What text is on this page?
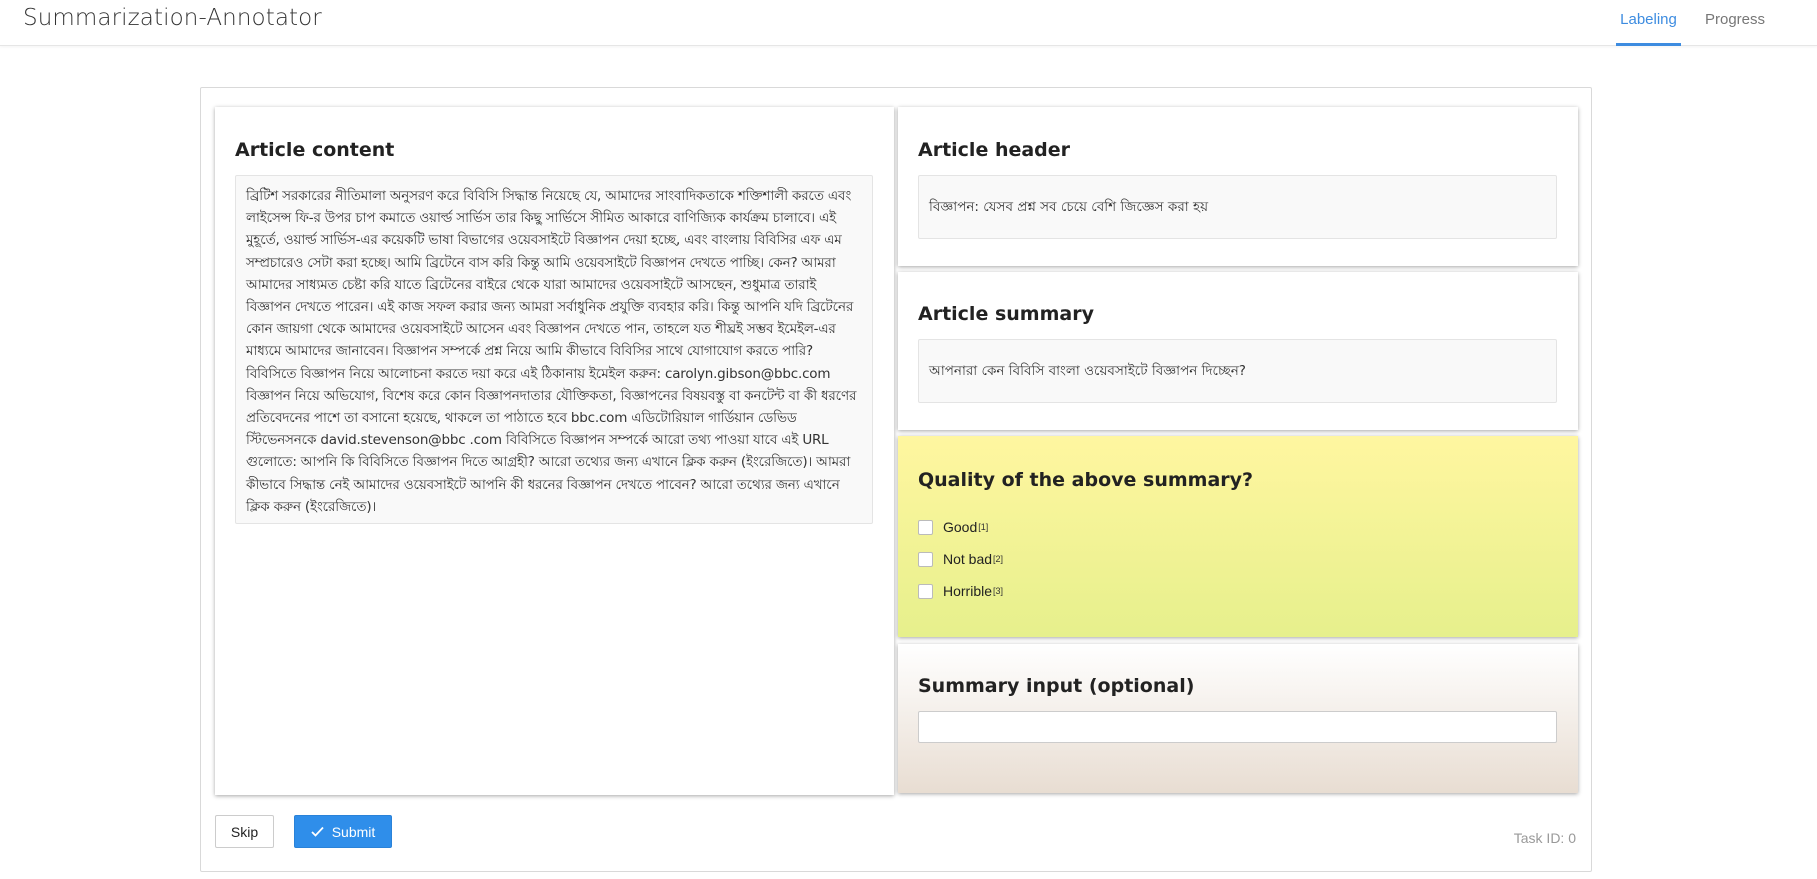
Summarization-Annotator	Labeling	Progress
Article content
ব্রিটিশ সরকারের নীতিমালা অনুসরণ করে বিবিসি সিদ্ধান্ত নিয়েছে যে, আমাদের সাংবাদিকতাকে শক্তিশালী করতে এবং লাইসেন্স ফি-র উপর চাপ কমাতে ওয়ার্ল্ড সার্ভিস তার কিছু সার্ভিসে সীমিত আকারে বাণিজ্যিক কার্যক্রম চালাবে। এই মুহূর্তে, ওয়ার্ল্ড সার্ভিস-এর কয়েকটি ভাষা বিভাগের ওয়েবসাইটে বিজ্ঞাপন দেয়া হচ্ছে, এবং বাংলায় বিবিসির এফ এম সম্প্রচারেও সেটা করা হচ্ছে। আমি ব্রিটেনে বাস করি কিন্তু আমি ওয়েবসাইটে বিজ্ঞাপন দেখতে পাচ্ছি। কেন? আমরা আমাদের সাধ্যমত চেষ্টা করি যাতে ব্রিটেনের বাইরে থেকে যারা আমাদের ওয়েবসাইটে আসছেন, শুধুমাত্র তারাই বিজ্ঞাপন দেখতে পারেন। এই কাজ সফল করার জন্য আমরা সর্বাধুনিক প্রযুক্তি ব্যবহার করি। কিন্তু আপনি যদি ব্রিটেনের কোন জায়গা থেকে আমাদের ওয়েবসাইটে আসেন এবং বিজ্ঞাপন দেখতে পান, তাহলে যত শীঘ্রই সম্ভব ইমেইল-এর মাধ্যমে আমাদের জানাবেন। বিজ্ঞাপন সম্পর্কে প্রশ্ন নিয়ে আমি কীভাবে বিবিসির সাথে যোগাযোগ করতে পারি? বিবিসিতে বিজ্ঞাপন নিয়ে আলোচনা করতে দয়া করে এই ঠিকানায় ইমেইল করুন: carolyn.gibson@bbc.com বিজ্ঞাপন নিয়ে অভিযোগ, বিশেষ করে কোন বিজ্ঞাপনদাতার যৌক্তিকতা, বিজ্ঞাপনের বিষয়বস্তু বা কনটেন্ট বা কী ধরণের প্রতিবেদনের পাশে তা বসানো হয়েছে, থাকলে তা পাঠাতে হবে bbc.com এডিটোরিয়াল গার্ডিয়ান ডেভিড স্টিভেনসনকে david.stevenson@bbc .com বিবিসিতে বিজ্ঞাপন সম্পর্কে আরো তথ্য পাওয়া যাবে এই URL গুলোতে: আপনি কি বিবিসিতে বিজ্ঞাপন দিতে আগ্রহী? আরো তথ্যের জন্য এখানে ক্লিক করুন (ইংরেজিতে)। আমরা কীভাবে সিদ্ধান্ত নেই আমাদের ওয়েবসাইটে আপনি কী ধরনের বিজ্ঞাপন দেখতে পাবেন? আরো তথ্যের জন্য এখানে ক্লিক করুন (ইংরেজিতে)।
Article header
বিজ্ঞাপন: যেসব প্রশ্ন সব চেয়ে বেশি জিজ্ঞেস করা হয়
Article summary
আপনারা কেন বিবিসি বাংলা ওয়েবসাইটে বিজ্ঞাপন দিচ্ছেন?
Quality of the above summary?
Good [1]
Not bad [2]
Horrible [3]
Summary input (optional)
Skip	Submit	Task ID: 0
